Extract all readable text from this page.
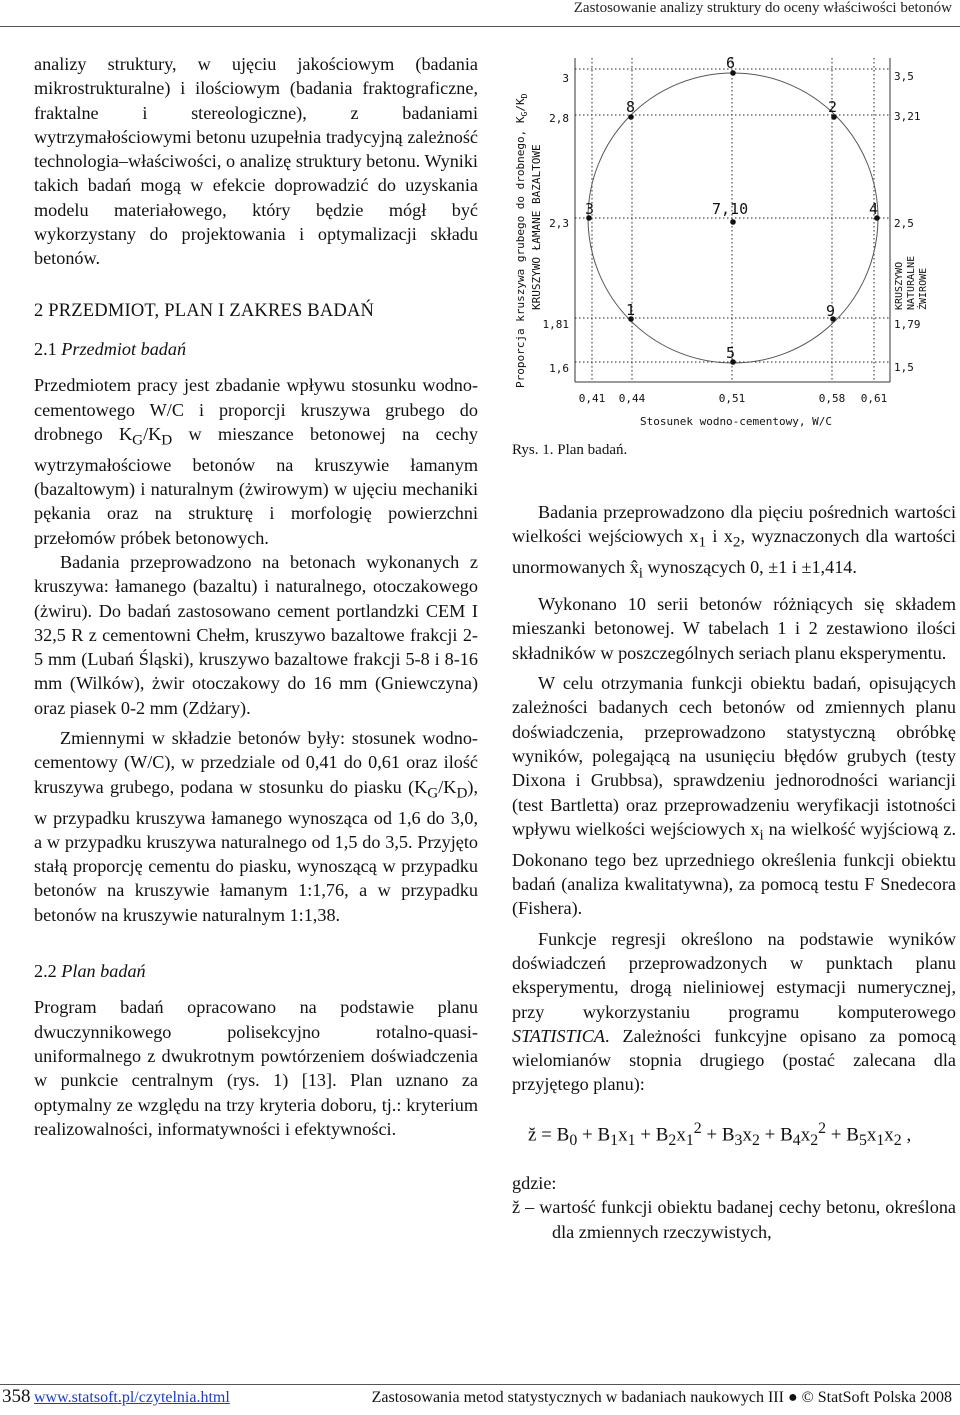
Zastosowanie analizy struktury do oceny właściwości betonów

analizy struktury, w ujęciu jakościowym (badania mikrostrukturalne) i ilościowym (badania fraktograficzne, fraktalne i stereologiczne), z badaniami wytrzymałościowymi betonu uzupełnia tradycyjną zależność technologia–właściwości, o analizę struktury betonu. Wyniki takich badań mogą w efekcie doprowadzić do uzyskania modelu materiałowego, który będzie mógł być wykorzystany do projektowania i optymalizacji składu betonów.

2 PRZEDMIOT, PLAN I ZAKRES BADAŃ

2.1 Przedmiot badań

Przedmiotem pracy jest zbadanie wpływu stosunku wodno-cementowego W/C i proporcji kruszywa grubego do drobnego $K_G/K_D$ w mieszance betonowej na cechy wytrzymałościowe betonów na kruszywie łamanym (bazaltowym) i naturalnym (żwirowym) w ujęciu mechaniki pękania oraz na strukturę i morfologię powierzchni przełomów próbek betonowych.

Badania przeprowadzono na betonach wykonanych z kruszywa: łamanego (bazaltu) i naturalnego, otoczakowego (żwiru). Do badań zastosowano cement portlandzki CEM I 32,5 R z cementowni Chełm, kruszywo bazaltowe frakcji 2-5 mm (Lubań Śląski), kruszywo bazaltowe frakcji 5-8 i 8-16 mm (Wilków), żwir otoczakowy do 16 mm (Gniewczyna) oraz piasek 0-2 mm (Zdżary).

Zmiennymi w składzie betonów były: stosunek wodno-cementowy (W/C), w przedziale od 0,41 do 0,61 oraz ilość kruszywa grubego, podana w stosunku do piasku $(K_G/K_D)$, w przypadku kruszywa łamanego wynosząca od 1,6 do 3,0, a w przypadku kruszywa naturalnego od 1,5 do 3,5. Przyjęto stałą proporcję cementu do piasku, wynoszącą w przypadku betonów na kruszywie łamanym 1:1,76, a w przypadku betonów na kruszywie naturalnym 1:1,38.

2.2 Plan badań

Program badań opracowano na podstawie planu dwuczynnikowego polisekcyjno rotalno-quasi-uniformalnego z dwukrotnym powtórzeniem doświadczenia w punkcie centralnym (rys. 1) [13]. Plan uznano za optymalny ze względu na trzy kryteria doboru, tj.: kryterium realizowalności, informatywności i efektywności.

Proporcja kruszywa grubego do drobnego, $K_G/K_D$
KRUSZYWO ŁAMANE BAZALTOWE	KRUSZYWO NATURALNE ŻWIROWE
3
2,8
2,3
1,81
1,6
3,5
3,21
2,5
1,79
1,5
0,41 0,44	0,51	0,58 0,61
Stosunek wodno-cementowy, W/C
6
8	2
3	7,10	4
1	9
5
Rys. 1. Plan badań.

Badania przeprowadzono dla pięciu pośrednich wartości wielkości wejściowych $x_1$ i $x_2$, wyznaczonych dla wartości unormowanych $x̂_i$ wynoszących 0, ±1 i ±1,414.

Wykonano 10 serii betonów różniących się składem mieszanki betonowej. W tabelach 1 i 2 zestawiono ilości składników w poszczególnych seriach planu eksperymentu.

W celu otrzymania funkcji obiektu badań, opisujących zależności badanych cech betonów od zmiennych planu doświadczenia, przeprowadzono statystyczną obróbkę wyników, polegającą na usunięciu błędów grubych (testy Dixona i Grubbsa), sprawdzeniu jednorodności wariancji (test Bartletta) oraz przeprowadzeniu weryfikacji istotności wpływu wielkości wejściowych $x_i$ na wielkość wyjściową z. Dokonano tego bez uprzedniego określenia funkcji obiektu badań (analiza kwalitatywna), za pomocą testu F Snedecora (Fishera).

Funkcje regresji określono na podstawie wyników doświadczeń przeprowadzonych w punktach planu eksperymentu, drogą nieliniowej estymacji numerycznej, przy wykorzystaniu programu komputerowego STATISTICA. Zależności funkcyjne opisano za pomocą wielomianów stopnia drugiego (postać zalecana dla przyjętego planu):

z̆ = $B_0 + B_1x_1 + B_2x_1^2 + B_3x_2 + B_4x_2^2 + B_5x_1x_2$ ,

gdzie:

z̆ – wartość funkcji obiektu badanej cechy betonu, określona dla zmiennych rzeczywistych,

358 www.statsoft.pl/czytelnia.html	Zastosowania metod statystycznych w badaniach naukowych III ● © StatSoft Polska 2008
